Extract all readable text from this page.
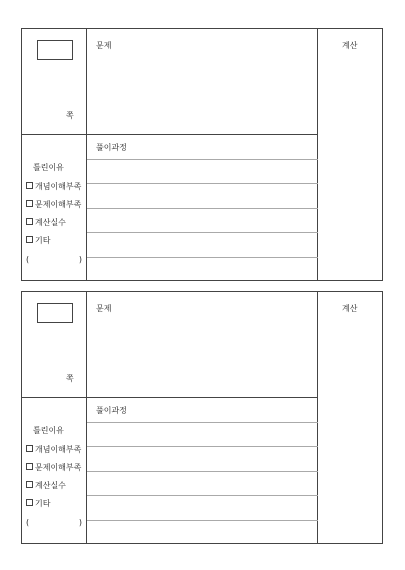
쪽
틀린이유
개념이해부족
문제이해부족
계산실수
기타
(	)
문제
풀이과정
계산
쪽
틀린이유
개념이해부족
문제이해부족
계산실수
기타
(	)
문제
풀이과정
계산
